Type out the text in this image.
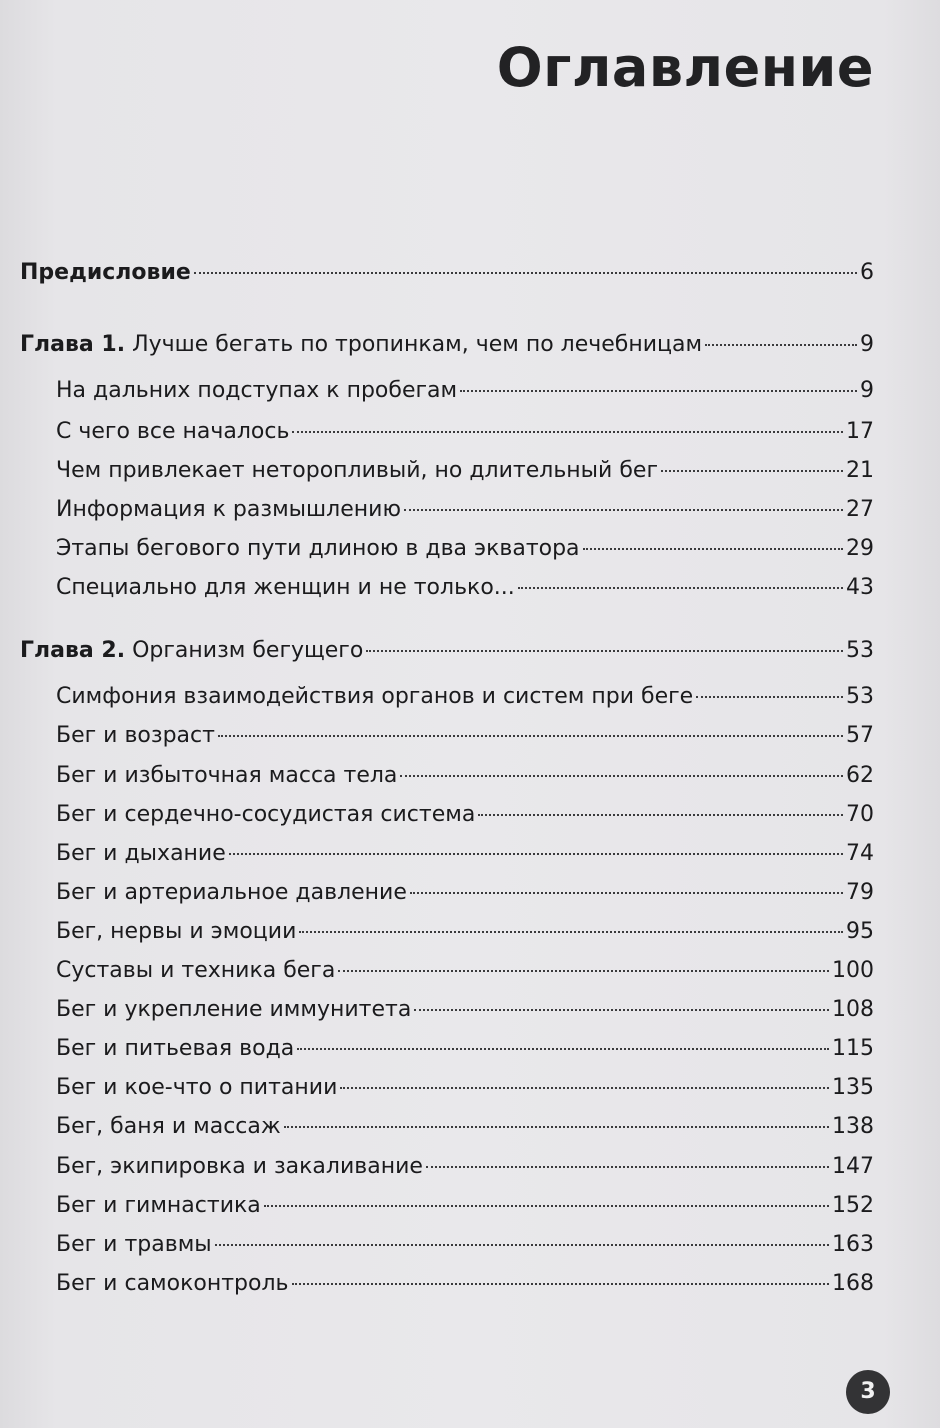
Оглавление
Предисловие	6
Глава 1. Лучше бегать по тропинкам, чем по лечебницам	9
На дальних подступах к пробегам	9
С чего все началось	17
Чем привлекает неторопливый, но длительный бег	21
Информация к размышлению	27
Этапы бегового пути длиною в два экватора	29
Специально для женщин и не только...	43
Глава 2. Организм бегущего	53
Симфония взаимодействия органов и систем при беге	53
Бег и возраст	57
Бег и избыточная масса тела	62
Бег и сердечно-сосудистая система	70
Бег и дыхание	74
Бег и артериальное давление	79
Бег, нервы и эмоции	95
Суставы и техника бега	100
Бег и укрепление иммунитета	108
Бег и питьевая вода	115
Бег и кое-что о питании	135
Бег, баня и массаж	138
Бег, экипировка и закаливание	147
Бег и гимнастика	152
Бег и травмы	163
Бег и самоконтроль	168
3
